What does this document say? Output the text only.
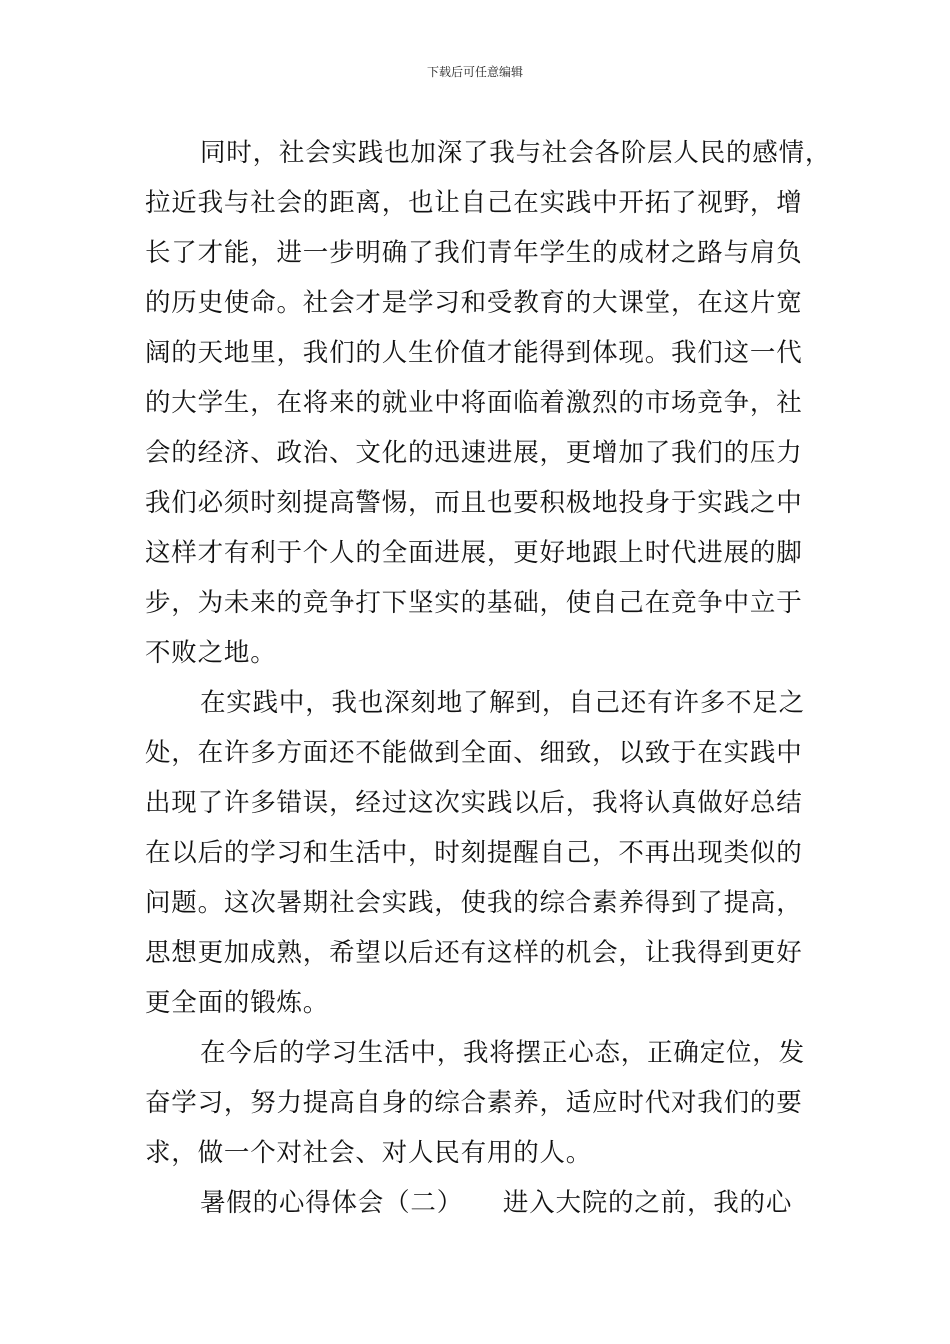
下载后可任意编辑
同时，社会实践也加深了我与社会各阶层人民的感情，
拉近我与社会的距离，也让自己在实践中开拓了视野，增
长了才能，进一步明确了我们青年学生的成材之路与肩负
的历史使命。社会才是学习和受教育的大课堂，在这片宽
阔的天地里，我们的人生价值才能得到体现。我们这一代
的大学生，在将来的就业中将面临着激烈的市场竞争，社
会的经济、政治、文化的迅速进展，更增加了我们的压力
我们必须时刻提高警惕，而且也要积极地投身于实践之中
这样才有利于个人的全面进展，更好地跟上时代进展的脚
步，为未来的竞争打下坚实的基础，使自己在竞争中立于
不败之地。
在实践中，我也深刻地了解到，自己还有许多不足之
处，在许多方面还不能做到全面、细致，以致于在实践中
出现了许多错误，经过这次实践以后，我将认真做好总结
在以后的学习和生活中，时刻提醒自己，不再出现类似的
问题。这次暑期社会实践，使我的综合素养得到了提高，
思想更加成熟，希望以后还有这样的机会，让我得到更好
更全面的锻炼。
在今后的学习生活中，我将摆正心态，正确定位，发
奋学习，努力提高自身的综合素养，适应时代对我们的要
求，做一个对社会、对人民有用的人。
暑假的心得体会（二）　　进入大院的之前，我的心
